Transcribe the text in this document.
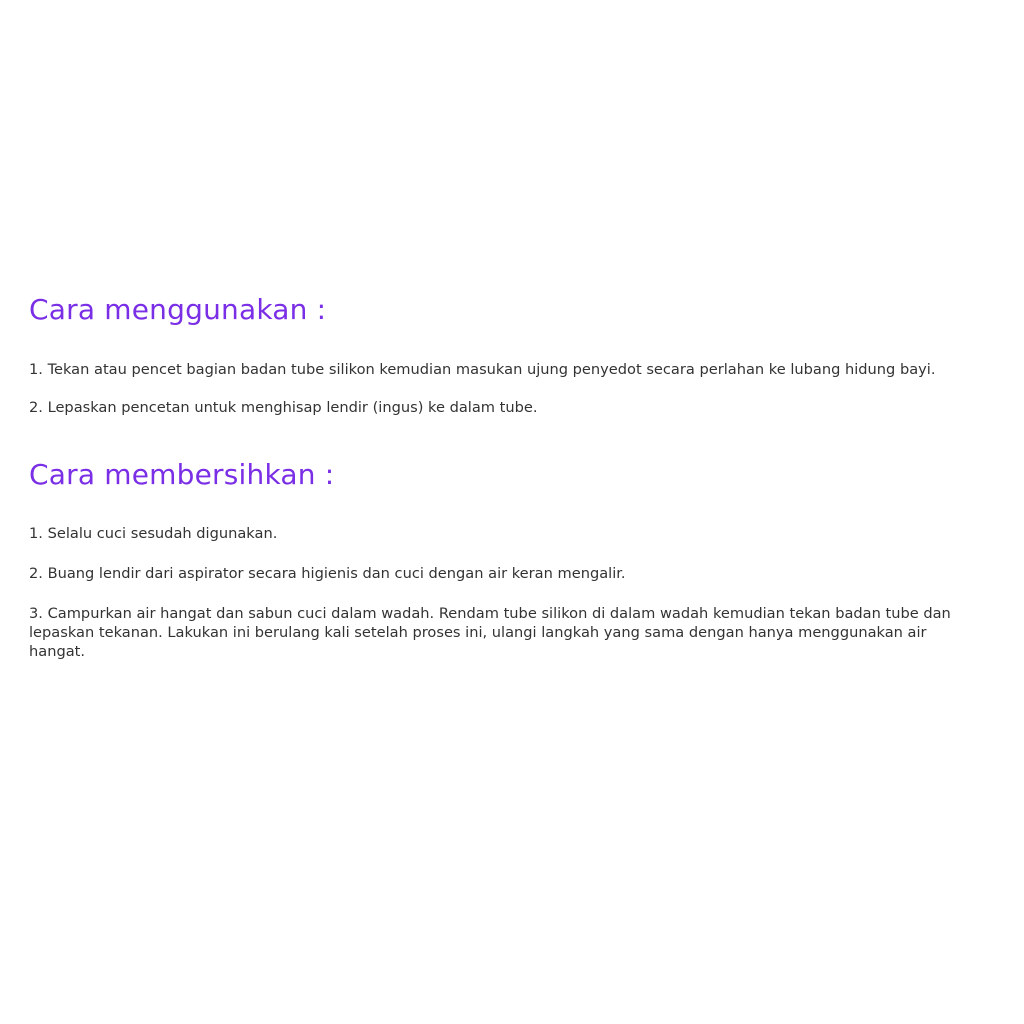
Cara menggunakan :
1. Tekan atau pencet bagian badan tube silikon kemudian masukan ujung penyedot secara perlahan ke lubang hidung bayi.
2. Lepaskan pencetan untuk menghisap lendir (ingus) ke dalam tube.
Cara membersihkan :
1. Selalu cuci sesudah digunakan.
2. Buang lendir dari aspirator secara higienis dan cuci dengan air keran mengalir.
3. Campurkan air hangat dan sabun cuci dalam wadah. Rendam tube silikon di dalam wadah kemudian tekan badan tube dan lepaskan tekanan. Lakukan ini berulang kali setelah proses ini, ulangi langkah yang sama dengan hanya menggunakan air hangat.
